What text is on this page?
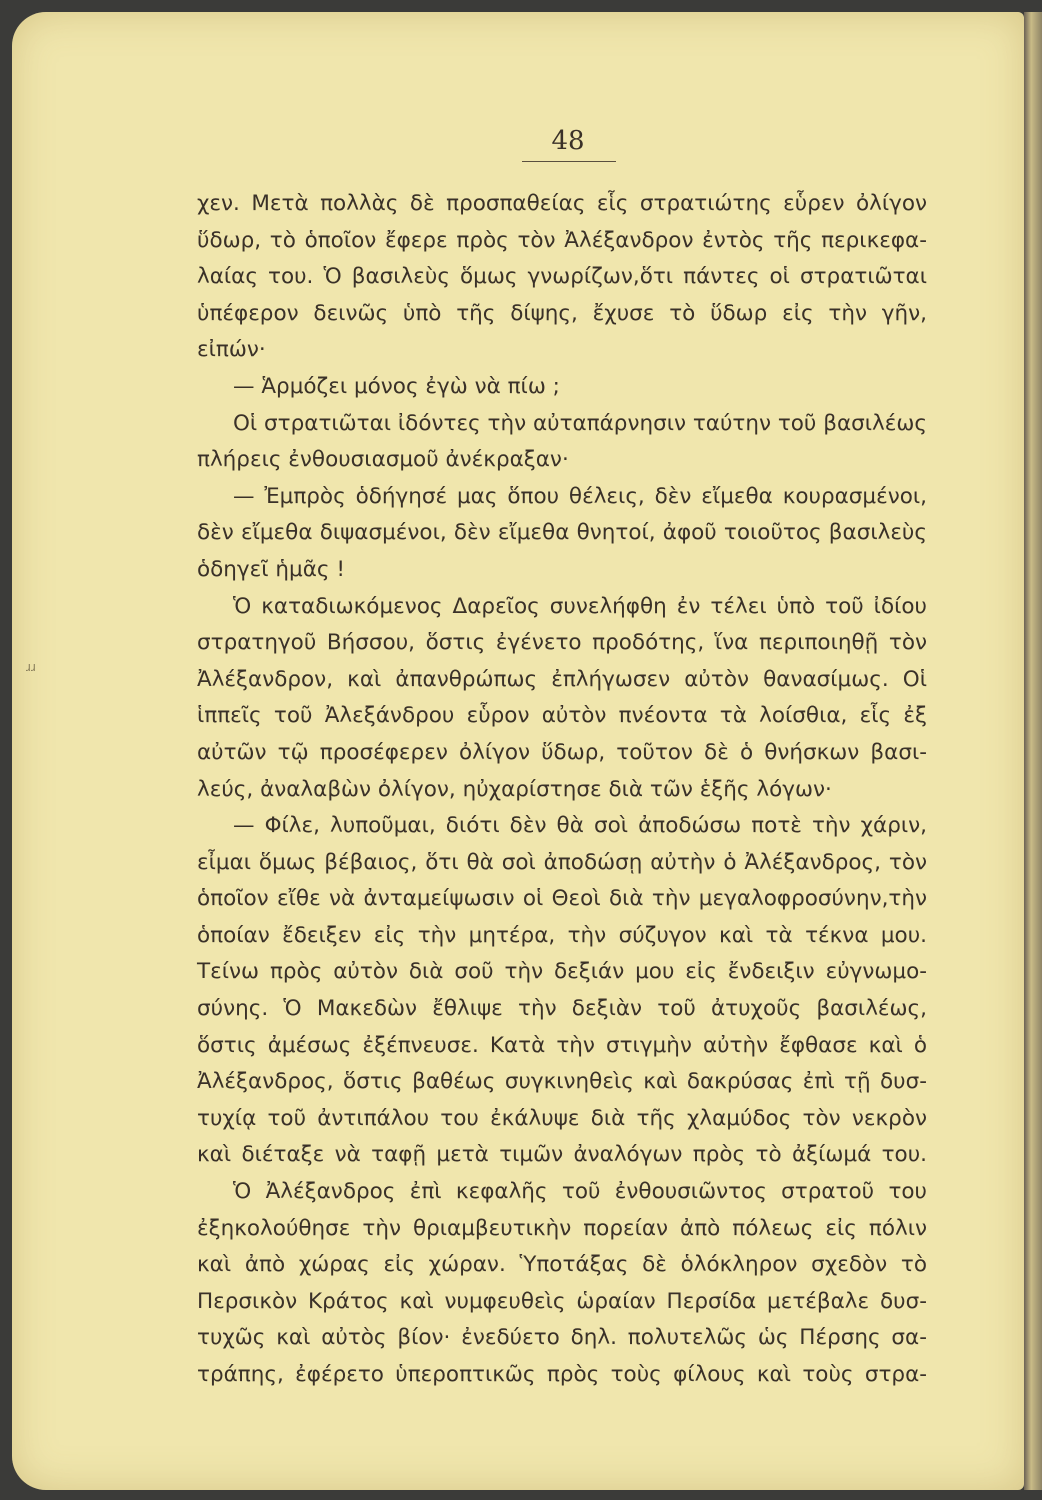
ɹɹ
48
χεν. Μετὰ πολλὰς δὲ προσπαθείας εἷς στρατιώτης εὗρεν ὀλίγον
ὕδωρ, τὸ ὁποῖον ἔφερε πρὸς τὸν Ἀλέξανδρον ἐντὸς τῆς περικεφα-
λαίας του. Ὁ βασιλεὺς ὅμως γνωρίζων,ὅτι πάντες οἱ στρατιῶται
ὑπέφερον δεινῶς ὑπὸ τῆς δίψης, ἔχυσε τὸ ὕδωρ εἰς τὴν γῆν,
εἰπών·
— Ἁρμόζει μόνος ἐγὼ νὰ πίω ;
Οἱ στρατιῶται ἰδόντες τὴν αὐταπάρνησιν ταύτην τοῦ βασιλέως
πλήρεις ἐνθουσιασμοῦ ἀνέκραξαν·
— Ἐμπρὸς ὁδήγησέ μας ὅπου θέλεις, δὲν εἴμεθα κουρασμένοι,
δὲν εἴμεθα διψασμένοι, δὲν εἴμεθα θνητοί, ἀφοῦ τοιοῦτος βασιλεὺς
ὁδηγεῖ ἡμᾶς !
Ὁ καταδιωκόμενος Δαρεῖος συνελήφθη ἐν τέλει ὑπὸ τοῦ ἰδίου
στρατηγοῦ Βήσσου, ὅστις ἐγένετο προδότης, ἵνα περιποιηθῇ τὸν
Ἀλέξανδρον, καὶ ἀπανθρώπως ἐπλήγωσεν αὐτὸν θανασίμως. Οἱ
ἱππεῖς τοῦ Ἀλεξάνδρου εὗρον αὐτὸν πνέοντα τὰ λοίσθια, εἷς ἐξ
αὐτῶν τῷ προσέφερεν ὀλίγον ὕδωρ, τοῦτον δὲ ὁ θνήσκων βασι-
λεύς, ἀναλαβὼν ὀλίγον, ηὐχαρίστησε διὰ τῶν ἑξῆς λόγων·
— Φίλε, λυποῦμαι, διότι δὲν θὰ σοὶ ἀποδώσω ποτὲ τὴν χάριν,
εἶμαι ὅμως βέβαιος, ὅτι θὰ σοὶ ἀποδώσῃ αὐτὴν ὁ Ἀλέξανδρος, τὸν
ὁποῖον εἴθε νὰ ἀνταμείψωσιν οἱ Θεοὶ διὰ τὴν μεγαλοφροσύνην,τὴν
ὁποίαν ἔδειξεν εἰς τὴν μητέρα, τὴν σύζυγον καὶ τὰ τέκνα μου.
Τείνω πρὸς αὐτὸν διὰ σοῦ τὴν δεξιάν μου εἰς ἔνδειξιν εὐγνωμο-
σύνης. Ὁ Μακεδὼν ἔθλιψε τὴν δεξιὰν τοῦ ἀτυχοῦς βασιλέως,
ὅστις ἀμέσως ἐξέπνευσε. Κατὰ τὴν στιγμὴν αὐτὴν ἔφθασε καὶ ὁ
Ἀλέξανδρος, ὅστις βαθέως συγκινηθεὶς καὶ δακρύσας ἐπὶ τῇ δυσ-
τυχίᾳ τοῦ ἀντιπάλου του ἐκάλυψε διὰ τῆς χλαμύδος τὸν νεκρὸν
καὶ διέταξε νὰ ταφῇ μετὰ τιμῶν ἀναλόγων πρὸς τὸ ἀξίωμά του.
Ὁ Ἀλέξανδρος ἐπὶ κεφαλῆς τοῦ ἐνθουσιῶντος στρατοῦ του
ἐξηκολούθησε τὴν θριαμβευτικὴν πορείαν ἀπὸ πόλεως εἰς πόλιν
καὶ ἀπὸ χώρας εἰς χώραν. Ὑποτάξας δὲ ὁλόκληρον σχεδὸν τὸ
Περσικὸν Κράτος καὶ νυμφευθεὶς ὡραίαν Περσίδα μετέβαλε δυσ-
τυχῶς καὶ αὐτὸς βίον· ἐνεδύετο δηλ. πολυτελῶς ὡς Πέρσης σα-
τράπης, ἐφέρετο ὑπεροπτικῶς πρὸς τοὺς φίλους καὶ τοὺς στρα-
